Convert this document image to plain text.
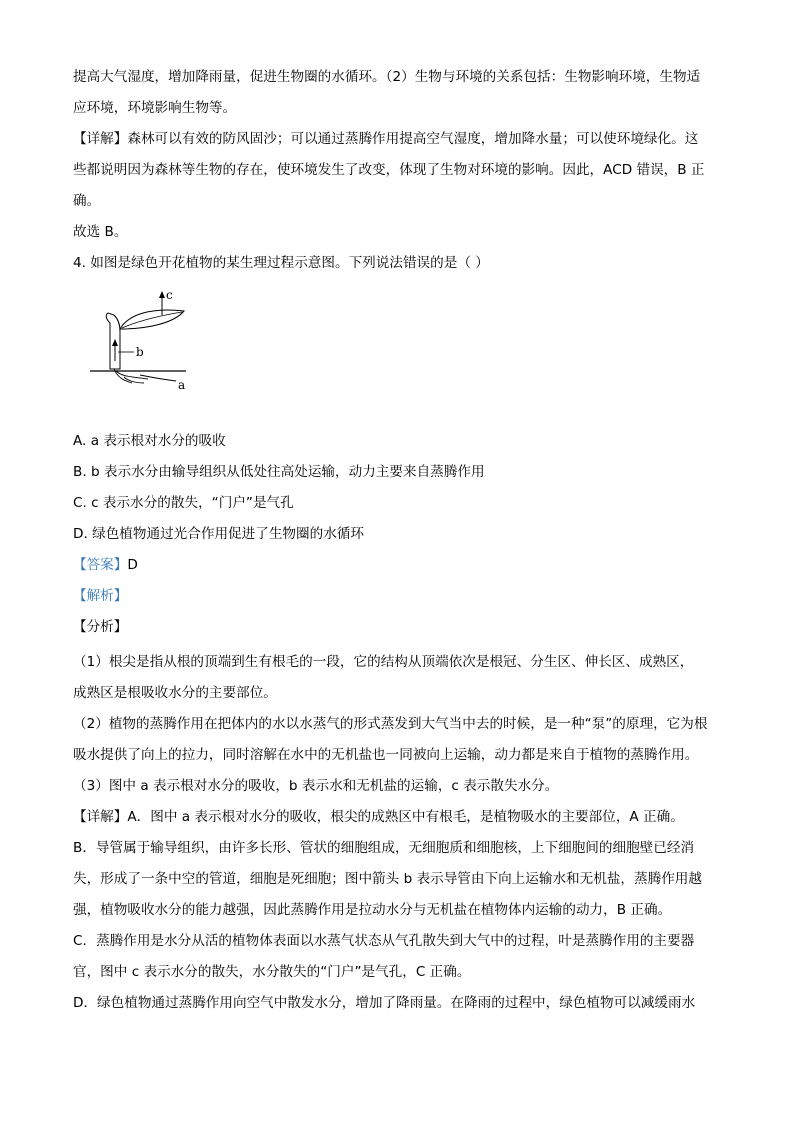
提高大气湿度，增加降雨量，促进生物圈的水循环。（2）生物与环境的关系包括：生物影响环境，生物适
应环境，环境影响生物等。
【详解】森林可以有效的防风固沙；可以通过蒸腾作用提高空气湿度，增加降水量；可以使环境绿化。这
些都说明因为森林等生物的存在，使环境发生了改变，体现了生物对环境的影响。因此，ACD 错误，B 正
确。
故选 B。
4. 如图是绿色开花植物的某生理过程示意图。下列说法错误的是（ ）
c
b
a
A. a 表示根对水分的吸收
B. b 表示水分由输导组织从低处往高处运输，动力主要来自蒸腾作用
C. c 表示水分的散失，“门户”是气孔
D. 绿色植物通过光合作用促进了生物圈的水循环
【答案】D
【解析】
【分析】
（1）根尖是指从根的顶端到生有根毛的一段，它的结构从顶端依次是根冠、分生区、伸长区、成熟区，
成熟区是根吸收水分的主要部位。
（2）植物的蒸腾作用在把体内的水以水蒸气的形式蒸发到大气当中去的时候，是一种“泵”的原理，它为根
吸水提供了向上的拉力，同时溶解在水中的无机盐也一同被向上运输，动力都是来自于植物的蒸腾作用。
（3）图中 a 表示根对水分的吸收，b 表示水和无机盐的运输，c 表示散失水分。
【详解】A．图中 a 表示根对水分的吸收，根尖的成熟区中有根毛，是植物吸水的主要部位，A 正确。
B．导管属于输导组织，由许多长形、管状的细胞组成，无细胞质和细胞核，上下细胞间的细胞壁已经消
失，形成了一条中空的管道，细胞是死细胞；图中箭头 b 表示导管由下向上运输水和无机盐，蒸腾作用越
强，植物吸收水分的能力越强，因此蒸腾作用是拉动水分与无机盐在植物体内运输的动力，B 正确。
C．蒸腾作用是水分从活的植物体表面以水蒸气状态从气孔散失到大气中的过程，叶是蒸腾作用的主要器
官，图中 c 表示水分的散失，水分散失的“门户”是气孔，C 正确。
D．绿色植物通过蒸腾作用向空气中散发水分，增加了降雨量。在降雨的过程中，绿色植物可以减缓雨水
